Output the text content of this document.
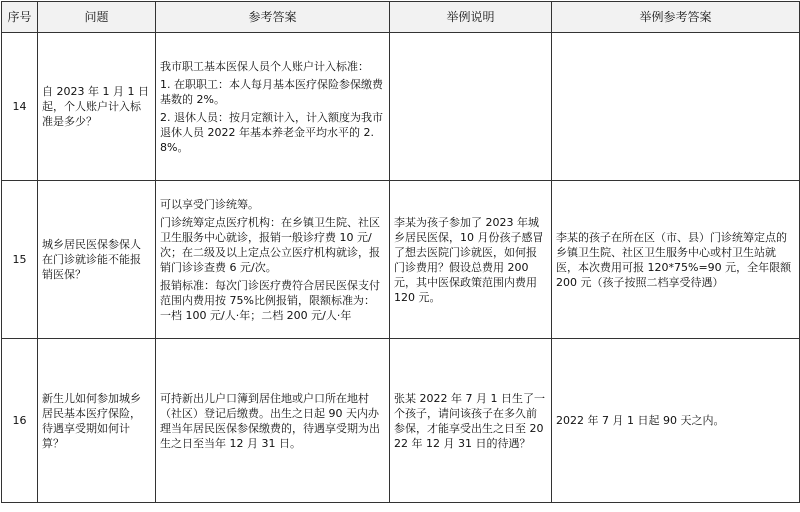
序号	问题	参考答案	举例说明	举例参考答案
14	自 2023 年 1 月 1 日起，个人账户计入标准是多少？	我市职工基本医保人员个人账户计入标准：
1. 在职职工：本人每月基本医疗保险参保缴费基数的 2%。
2. 退休人员：按月定额计入，计入额度为我市退休人员 2022 年基本养老金平均水平的 2.8%。		

15	城乡居民医保参保人在门诊就诊能不能报销医保？	可以享受门诊统筹。
门诊统筹定点医疗机构：在乡镇卫生院、社区卫生服务中心就诊，报销一般诊疗费 10 元/次；在二级及以上定点公立医疗机构就诊，报销门诊诊查费 6 元/次。
报销标准：每次门诊医疗费符合居民医保支付范围内费用按 75%比例报销，限额标准为：一档 100 元/人·年；二档 200 元/人·年	李某为孩子参加了 2023 年城乡居民医保，10 月份孩子感冒了想去医院门诊就医，如何报门诊费用？假设总费用 200 元，其中医保政策范围内费用 120 元。	李某的孩子在所在区（市、县）门诊统筹定点的乡镇卫生院、社区卫生服务中心或村卫生站就医，本次费用可报 120*75%=90 元，全年限额 200 元（孩子按照二档享受待遇）
16	新生儿如何参加城乡居民基本医疗保险，待遇享受期如何计算？	可持新出儿户口簿到居住地或户口所在地村（社区）登记后缴费。出生之日起 90 天内办理当年居民医保参保缴费的，待遇享受期为出生之日至当年 12 月 31 日。	张某 2022 年 7 月 1 日生了一个孩子，请问该孩子在多久前参保，才能享受出生之日至 2022 年 12 月 31 日的待遇？	2022 年 7 月 1 日起 90 天之内。
